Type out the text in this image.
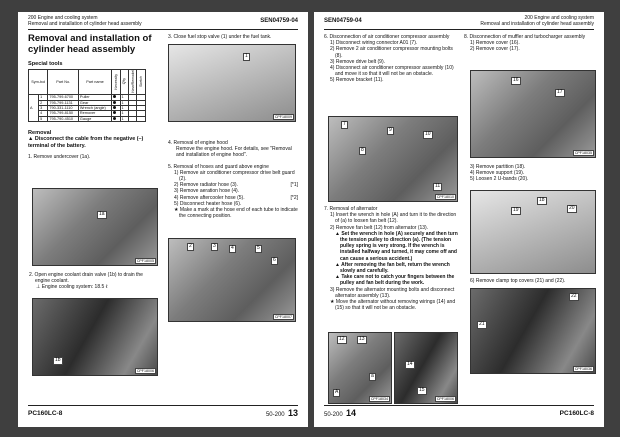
200 Engine and cooling system
Removal and installation of cylinder head assembly	SEN04759-04
Removal and installation of cylinder head assembly
Special tools
Sym-bol		Part No.	Part name	Necessity	Q'ty	New/Remodel	Sketch
A	1	795-799-6700	Puller		1		
	2	795-799-1131	Gear		1		
	3	790-331-1110	Wrench (angle)		1		
	4	795-799-8150	Remover		1		
	5	795-790-4510	Gauge		1		
Removal
▲ Disconnect the cable from the negative (–) terminal of the battery.
1. Remove undercover (1a).
1a
CPF18005
2. Open engine coolant drain valve (1b) to drain the engine coolant.
⊥ Engine cooling system: 18.5 ℓ
1b
CPF18006
3. Close fuel stop valve (1) under the fuel tank.
1
CPF18009
4. Removal of engine hood
Remove the engine hood. For details, see "Removal and installation of engine hood".
5. Removal of hoses and guard above engine
1) Remove air conditioner compressor drive belt guard (2).
2) Remove radiator hose (3).	[*1]
3) Remove aeration hose (4).
4) Remove aftercooler hose (5).	[*2]
5) Disconnect heater hose (6).
★ Make a mark at the hose end of each tube to indicate the connecting position.
2	3	4	5
6
CPF18007
PC160LC-8	50-200 13
SEN04759-04	200 Engine and cooling system
Removal and installation of cylinder head assembly
6. Disconnection of air conditioner compressor assembly
1) Disconnect wiring connector A01 (7).
2) Remove 2 air conditioner compressor mounting bolts (8).
3) Remove drive belt (9).
4) Disconnect air conditioner compressor assembly (10) and move it so that it will not be an obstacle.
5) Remove bracket (11).
7
8
9
10
11
CPF18010
7. Removal of alternator
1) Insert the wrench in hole (A) and turn it to the direction of (a) to loosen fan belt (12).
2) Remove fan belt (12) from alternator (13).
▲ Set the wrench in hole (A) securely and then turn the tension pulley to direction (a). (The tension pulley spring is very strong. If the wrench is installed halfway and turned, it may come off and can cause a serious accident.)
▲ After removing the fan belt, return the wrench slowly and carefully.
▲ Take care not to catch your fingers between the pulley and fan belt during the work.
3) Remove the alternator mounting bolts and disconnect alternator assembly (13).
★ Move the alternator without removing wirings (14) and (15) so that it will not be an obstacle.
12	13
A
a
CPF18034
14
15
CPF18006
8. Disconnection of muffler and turbocharger assembly
1) Remove cover (16).
2) Remove cover (17).
16
17
CPF18035
3) Remove partition (18).
4) Remove support (19).
5) Loosen 2 U-bands (20).
18
19	20
6) Remove clamp top covers (21) and (22).
22
21
CPF18036
50-200 14	PC160LC-8
